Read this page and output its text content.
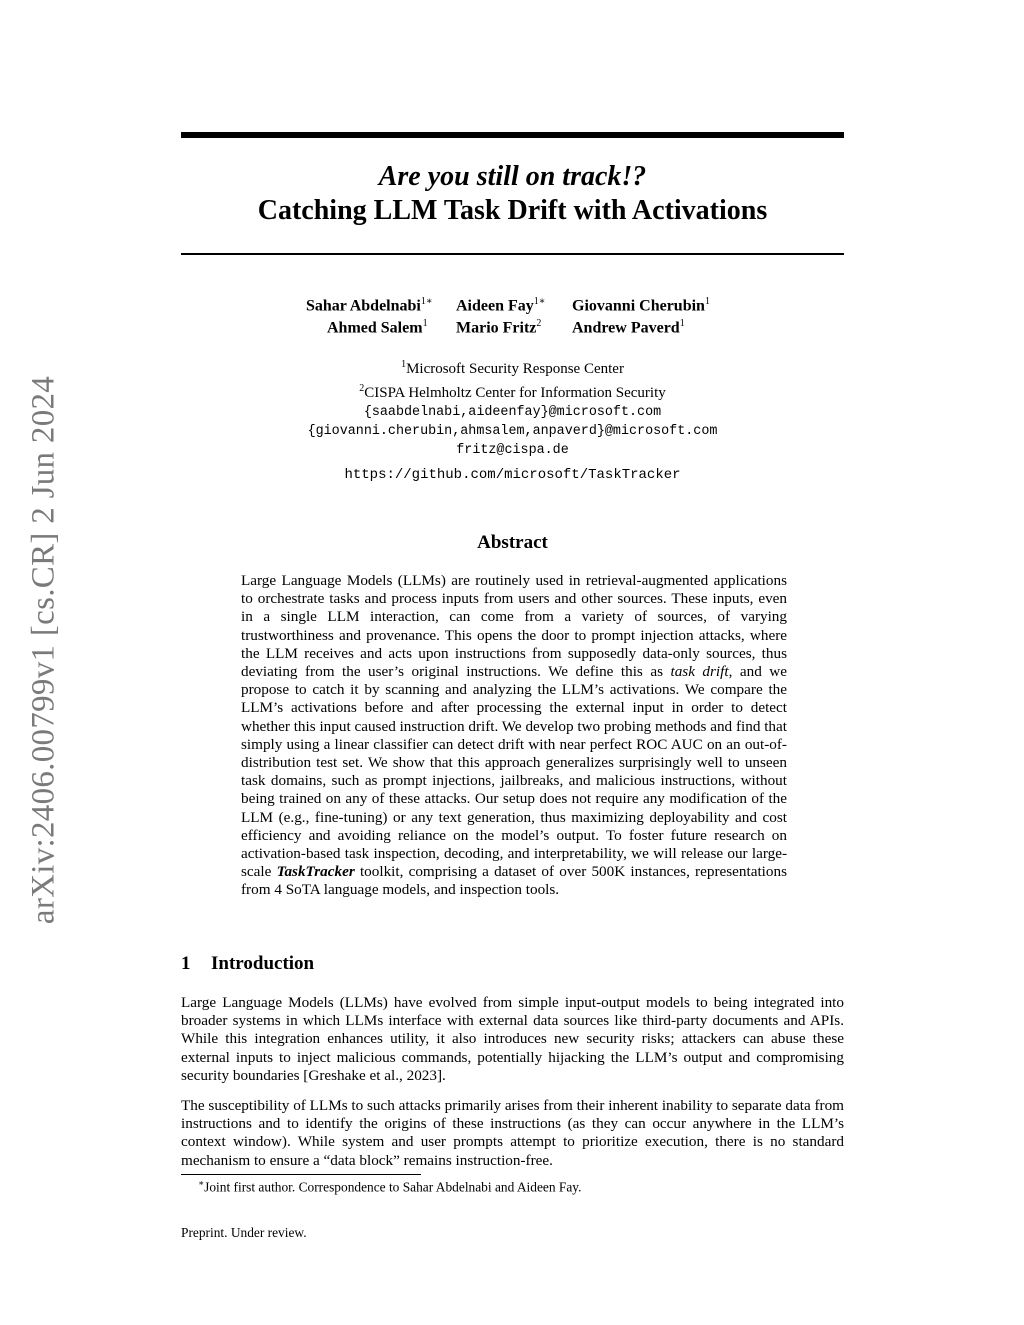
arXiv:2406.00799v1 [cs.CR] 2 Jun 2024
Are you still on track!?
Catching LLM Task Drift with Activations
Sahar Abdelnabi$^{1∗}$ Aideen Fay$^{1∗}$ Giovanni Cherubin$^1$
Ahmed Salem$^1$ Mario Fritz$^2$ Andrew Paverd$^1$
$^1$Microsoft Security Response Center
$^2$CISPA Helmholtz Center for Information Security
{saabdelnabi,aideenfay}@microsoft.com
{giovanni.cherubin,ahmsalem,anpaverd}@microsoft.com
fritz@cispa.de
https://github.com/microsoft/TaskTracker
Abstract
Large Language Models (LLMs) are routinely used in retrieval-augmented applications to orchestrate tasks and process inputs from users and other sources. These inputs, even in a single LLM interaction, can come from a variety of sources, of varying trustworthiness and provenance. This opens the door to prompt injection attacks, where the LLM receives and acts upon instructions from supposedly data-only sources, thus deviating from the user’s original instructions. We define this as task drift, and we propose to catch it by scanning and analyzing the LLM’s activations. We compare the LLM’s activations before and after processing the external input in order to detect whether this input caused instruction drift. We develop two probing methods and find that simply using a linear classifier can detect drift with near perfect ROC AUC on an out-of-distribution test set. We show that this approach generalizes surprisingly well to unseen task domains, such as prompt injections, jailbreaks, and malicious instructions, without being trained on any of these attacks. Our setup does not require any modification of the LLM (e.g., fine-tuning) or any text generation, thus maximizing deployability and cost efficiency and avoiding reliance on the model’s output. To foster future research on activation-based task inspection, decoding, and interpretability, we will release our large-scale TaskTracker toolkit, comprising a dataset of over 500K instances, representations from 4 SoTA language models, and inspection tools.
1 Introduction
Large Language Models (LLMs) have evolved from simple input-output models to being integrated into broader systems in which LLMs interface with external data sources like third-party documents and APIs. While this integration enhances utility, it also introduces new security risks; attackers can abuse these external inputs to inject malicious commands, potentially hijacking the LLM’s output and compromising security boundaries [Greshake et al., 2023].
The susceptibility of LLMs to such attacks primarily arises from their inherent inability to separate data from instructions and to identify the origins of these instructions (as they can occur anywhere in the LLM’s context window). While system and user prompts attempt to prioritize execution, there is no standard mechanism to ensure a “data block” remains instruction-free.
∗Joint first author. Correspondence to Sahar Abdelnabi and Aideen Fay.
Preprint. Under review.
